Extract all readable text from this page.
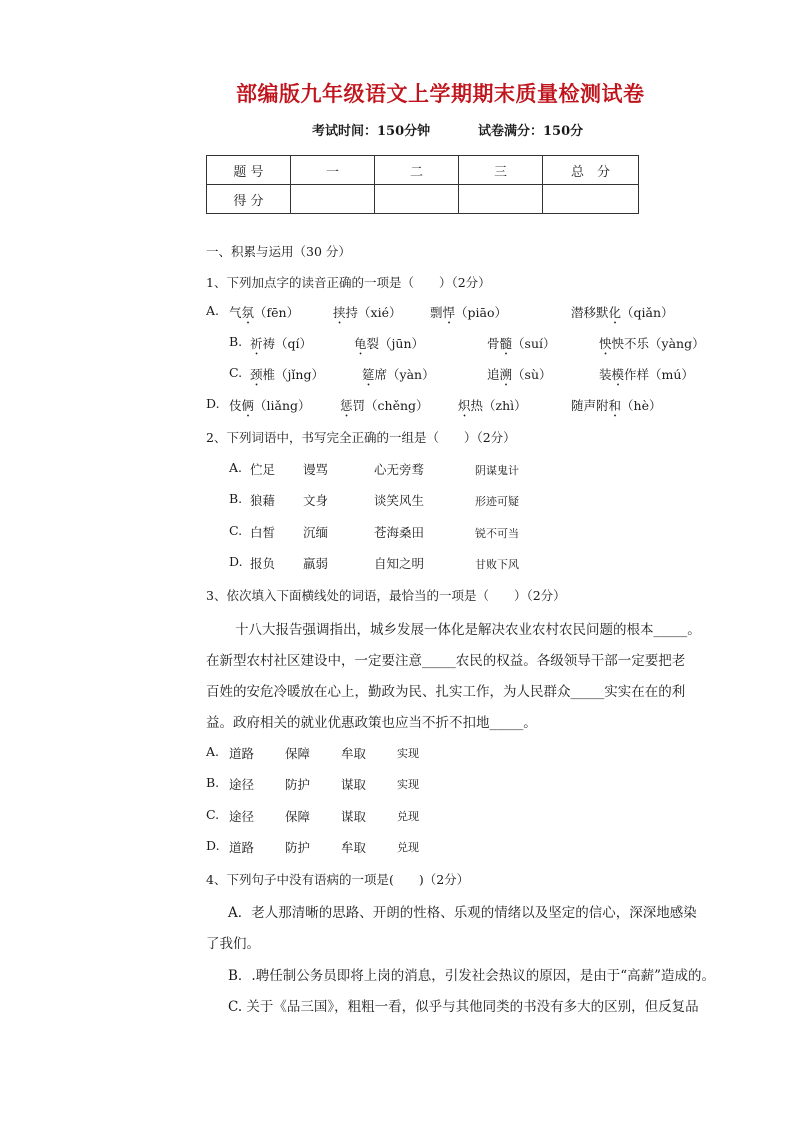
部编版九年级语文上学期期末质量检测试卷
考试时间：150分钟	试卷满分：150分
题 号	一	二	三	总　分
得 分				
一、积累与运用（30 分）
1、下列加点字的读音正确的一项是（　　）（2分）
A. 气氛（fēn）	挟持（xié） 剽悍（piāo）	潜移默化（qiǎn）
B. 祈祷（qí）	龟裂（jūn）	骨髓（suí）	怏怏不乐（yàng）
C. 颈椎（jǐng）	筵席（yàn）	追溯（sù）	装模作样（mú）
D. 伎俩（liǎng） 惩罚（chěng） 炽热（zhì）	随声附和（hè）
2、下列词语中，书写完全正确的一组是（　　）（2分）
A. 伫足 谩骂	心无旁骛	阴谋鬼计
B. 狼藉 文身	谈笑风生	形迹可疑
C. 白皙 沉缅	苍海桑田	锐不可当
D. 报负 羸弱	自知之明	甘败下风
3、依次填入下面横线处的词语，最恰当的一项是（　　）（2分）
十八大报告强调指出，城乡发展一体化是解决农业农村农民问题的根本_____。
在新型农村社区建设中，一定要注意_____农民的权益。各级领导干部一定要把老
百姓的安危冷暖放在心上，勤政为民、扎实工作，为人民群众_____实实在在的利
益。政府相关的就业优惠政策也应当不折不扣地_____。
A. 道路 保障 牟取	实现
B. 途径 防护 谋取	实现
C. 途径 保障 谋取	兑现
D. 道路 防护 牟取	兑现
4、下列句子中没有语病的一项是(　　)（2分）
A．老人那清晰的思路、开朗的性格、乐观的情绪以及坚定的信心，深深地感染
了我们。
B．.聘任制公务员即将上岗的消息，引发社会热议的原因，是由于“高薪”造成的。
C. 关于《品三国》，粗粗一看，似乎与其他同类的书没有多大的区别，但反复品
